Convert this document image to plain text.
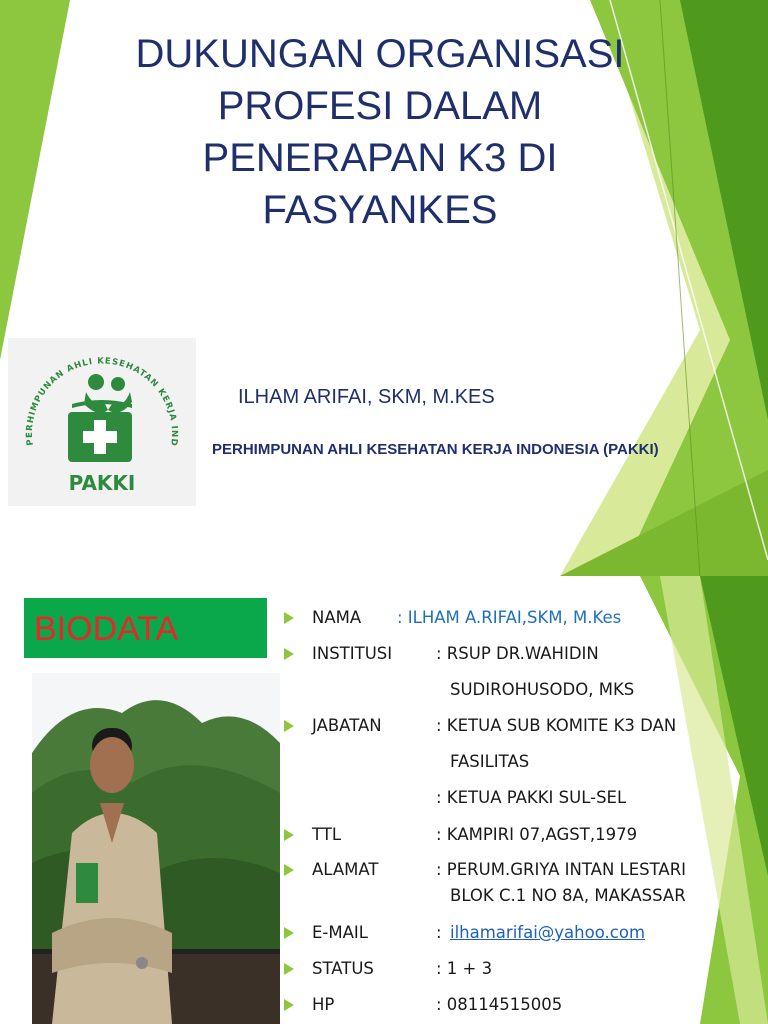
DUKUNGAN ORGANISASI
PROFESI DALAM
PENERAPAN K3 DI
FASYANKES
PERHIMPUNAN AHLI KESEHATAN KERJA IND
PAKKI
ILHAM ARIFAI, SKM, M.KES
PERHIMPUNAN AHLI KESEHATAN KERJA INDONESIA (PAKKI)
BIODATA	NAMA : ILHAM A.RIFAI,SKM, M.Kes
INSTITUSI	: RSUP DR.WAHIDIN
SUDIROHUSODO, MKS
JABATAN	: KETUA SUB KOMITE K3 DAN
FASILITAS
: KETUA PAKKI SUL-SEL
TTL	: KAMPIRI 07,AGST,1979
ALAMAT	: PERUM.GRIYA INTAN LESTARI
BLOK C.1 NO 8A, MAKASSAR
E-MAIL	: ilhamarifai@yahoo.com
STATUS	: 1 + 3
HP	: 08114515005
